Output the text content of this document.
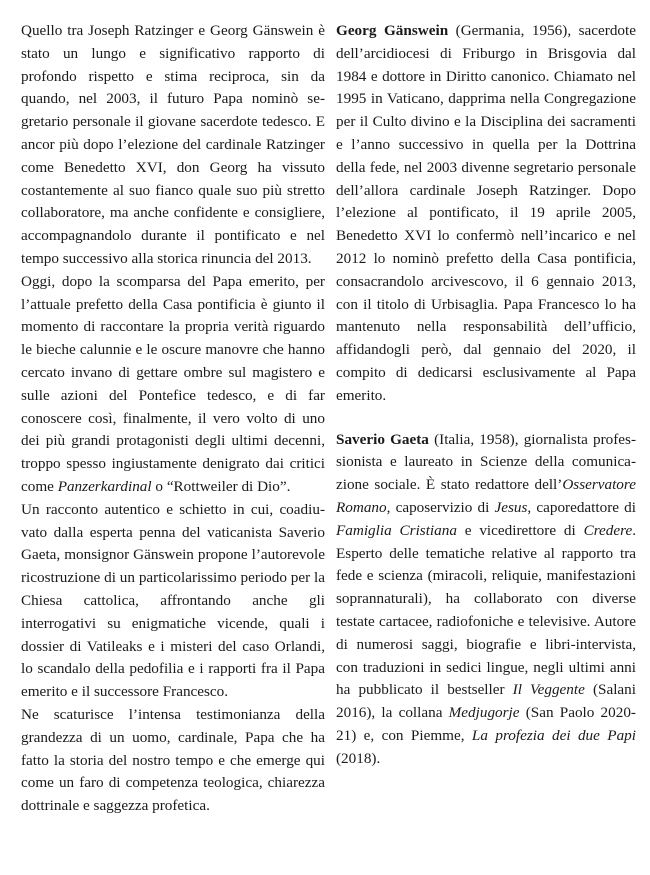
Quello tra Joseph Ratzinger e Georg Gänswein è stato un lungo e significativo rapporto di profondo rispetto e stima reciproca, sin da quando, nel 2003, il futuro Papa nominò segretario personale il giovane sacerdote tedesco. E ancor più dopo l’elezione del cardinale Ratzinger come Benedetto XVI, don Georg ha vissuto costantemente al suo fianco quale suo più stretto collaboratore, ma anche confidente e consigliere, accompagnandolo durante il pontificato e nel tempo successivo alla storica rinuncia del 2013.

Oggi, dopo la scomparsa del Papa emerito, per l’attuale prefetto della Casa pontificia è giunto il momento di raccontare la propria verità riguardo le bieche calunnie e le oscure manovre che hanno cercato invano di gettare ombre sul magistero e sulle azioni del Pontefice tedesco, e di far conoscere così, finalmente, il vero volto di uno dei più grandi protagonisti degli ultimi decenni, troppo spesso ingiustamente denigrato dai critici come Panzerkardinal o “Rottweiler di Dio”.

Un racconto autentico e schietto in cui, coadiuvato dalla esperta penna del vaticanista Saverio Gaeta, monsignor Gänswein propone l’autorevole ricostruzione di un particolarissimo periodo per la Chiesa cattolica, affrontando anche gli interrogativi su enigmatiche vicende, quali i dossier di Vatileaks e i misteri del caso Orlandi, lo scandalo della pedofilia e i rapporti fra il Papa emerito e il successore Francesco.

Ne scaturisce l’intensa testimonianza della grandezza di un uomo, cardinale, Papa che ha fatto la storia del nostro tempo e che emerge qui come un faro di competenza teologica, chiarezza dottrinale e saggezza profetica.

Georg Gänswein (Germania, 1956), sacerdote dell’arcidiocesi di Friburgo in Brisgovia dal 1984 e dottore in Diritto canonico. Chiamato nel 1995 in Vaticano, dapprima nella Congregazione per il Culto divino e la Disciplina dei sacramenti e l’anno successivo in quella per la Dottrina della fede, nel 2003 divenne segretario personale dell’allora cardinale Joseph Ratzinger. Dopo l’elezione al pontificato, il 19 aprile 2005, Benedetto XVI lo confermò nell’incarico e nel 2012 lo nominò prefetto della Casa pontificia, consacrandolo arcivescovo, il 6 gennaio 2013, con il titolo di Urbisaglia. Papa Francesco lo ha mantenuto nella responsabilità dell’ufficio, affidandogli però, dal gennaio del 2020, il compito di dedicarsi esclusivamente al Papa emerito.

Saverio Gaeta (Italia, 1958), giornalista professionista e laureato in Scienze della comunicazione sociale. È stato redattore dell’Osservatore Romano, caposervizio di Jesus, caporedattore di Famiglia Cristiana e vicedirettore di Credere. Esperto delle tematiche relative al rapporto tra fede e scienza (miracoli, reliquie, manifestazioni soprannaturali), ha collaborato con diverse testate cartacee, radiofoniche e televisive. Autore di numerosi saggi, biografie e libri-intervista, con traduzioni in sedici lingue, negli ultimi anni ha pubblicato il bestseller Il Veggente (Salani 2016), la collana Medjugorje (San Paolo 2020-21) e, con Piemme, La profezia dei due Papi (2018).
